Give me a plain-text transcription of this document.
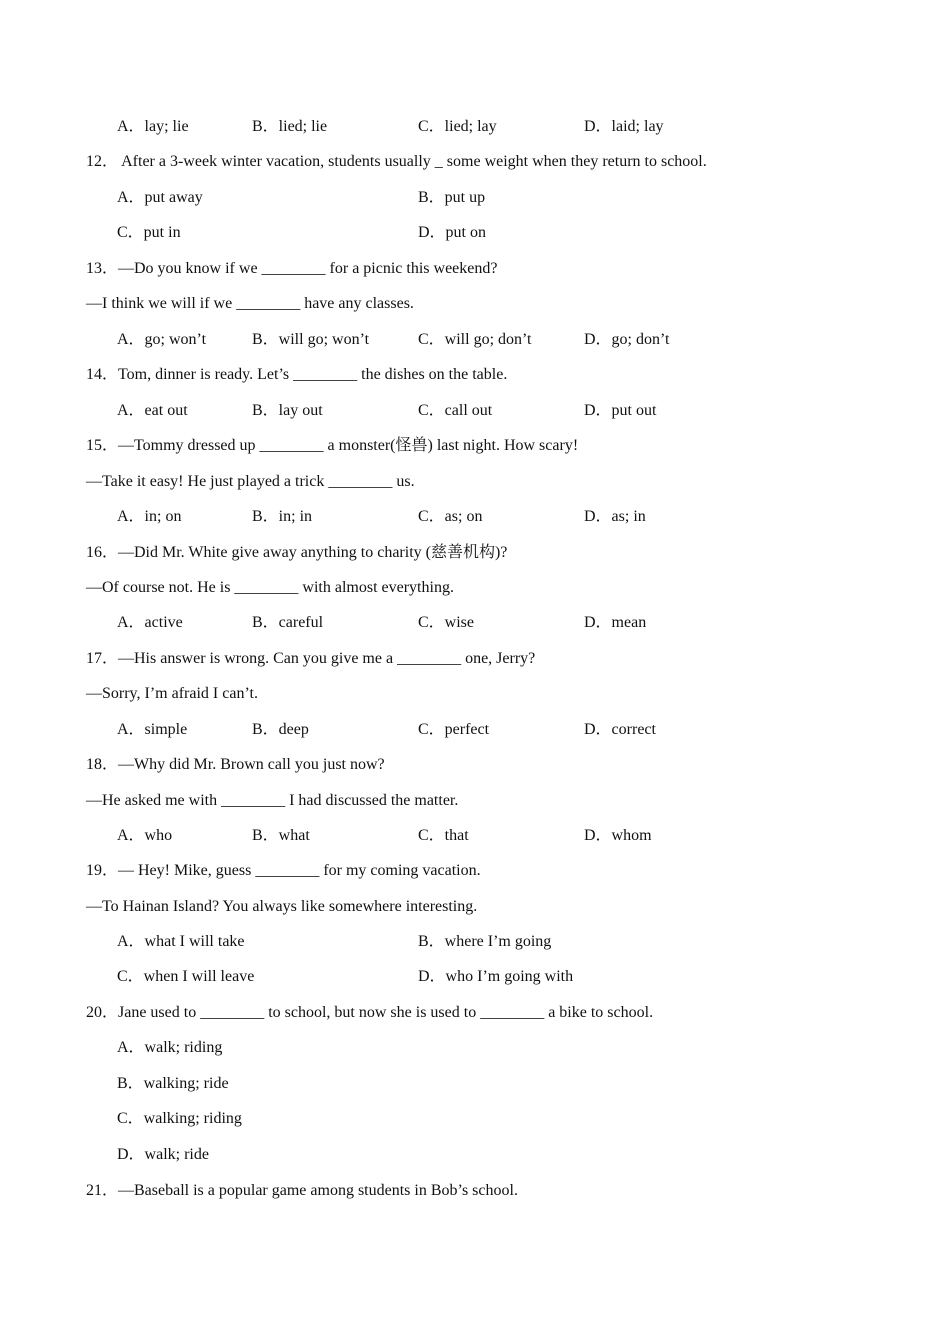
A．lay; lie	B．lied; lie	C．lied; lay	D．laid; lay
12． After a 3-week winter vacation, students usually _ some weight when they return to school.
A．put away	B．put up
C．put in	D．put on
13．—Do you know if we ________ for a picnic this weekend?
—I think we will if we ________ have any classes.
A．go; won’t	B．will go; won’t	C．will go; don’t	D．go; don’t
14．Tom, dinner is ready. Let’s ________ the dishes on the table.
A．eat out	B．lay out	C．call out	D．put out
15．—Tommy dressed up ________ a monster(怪兽) last night. How scary!
—Take it easy! He just played a trick ________ us.
A．in; on	B．in; in	C．as; on	D．as; in
16．—Did Mr. White give away anything to charity (慈善机构)?
—Of course not. He is ________ with almost everything.
A．active	B．careful	C．wise	D．mean
17．—His answer is wrong. Can you give me a ________ one, Jerry?
—Sorry, I’m afraid I can’t.
A．simple	B．deep	C．perfect	D．correct
18．—Why did Mr. Brown call you just now?
—He asked me with ________ I had discussed the matter.
A．who	B．what	C．that	D．whom
19．— Hey! Mike, guess ________ for my coming vacation.
—To Hainan Island? You always like somewhere interesting.
A．what I will take	B．where I’m going
C．when I will leave	D．who I’m going with
20．Jane used to ________ to school, but now she is used to ________ a bike to school.
A．walk; riding
B．walking; ride
C．walking; riding
D．walk; ride
21．—Baseball is a popular game among students in Bob’s school.
